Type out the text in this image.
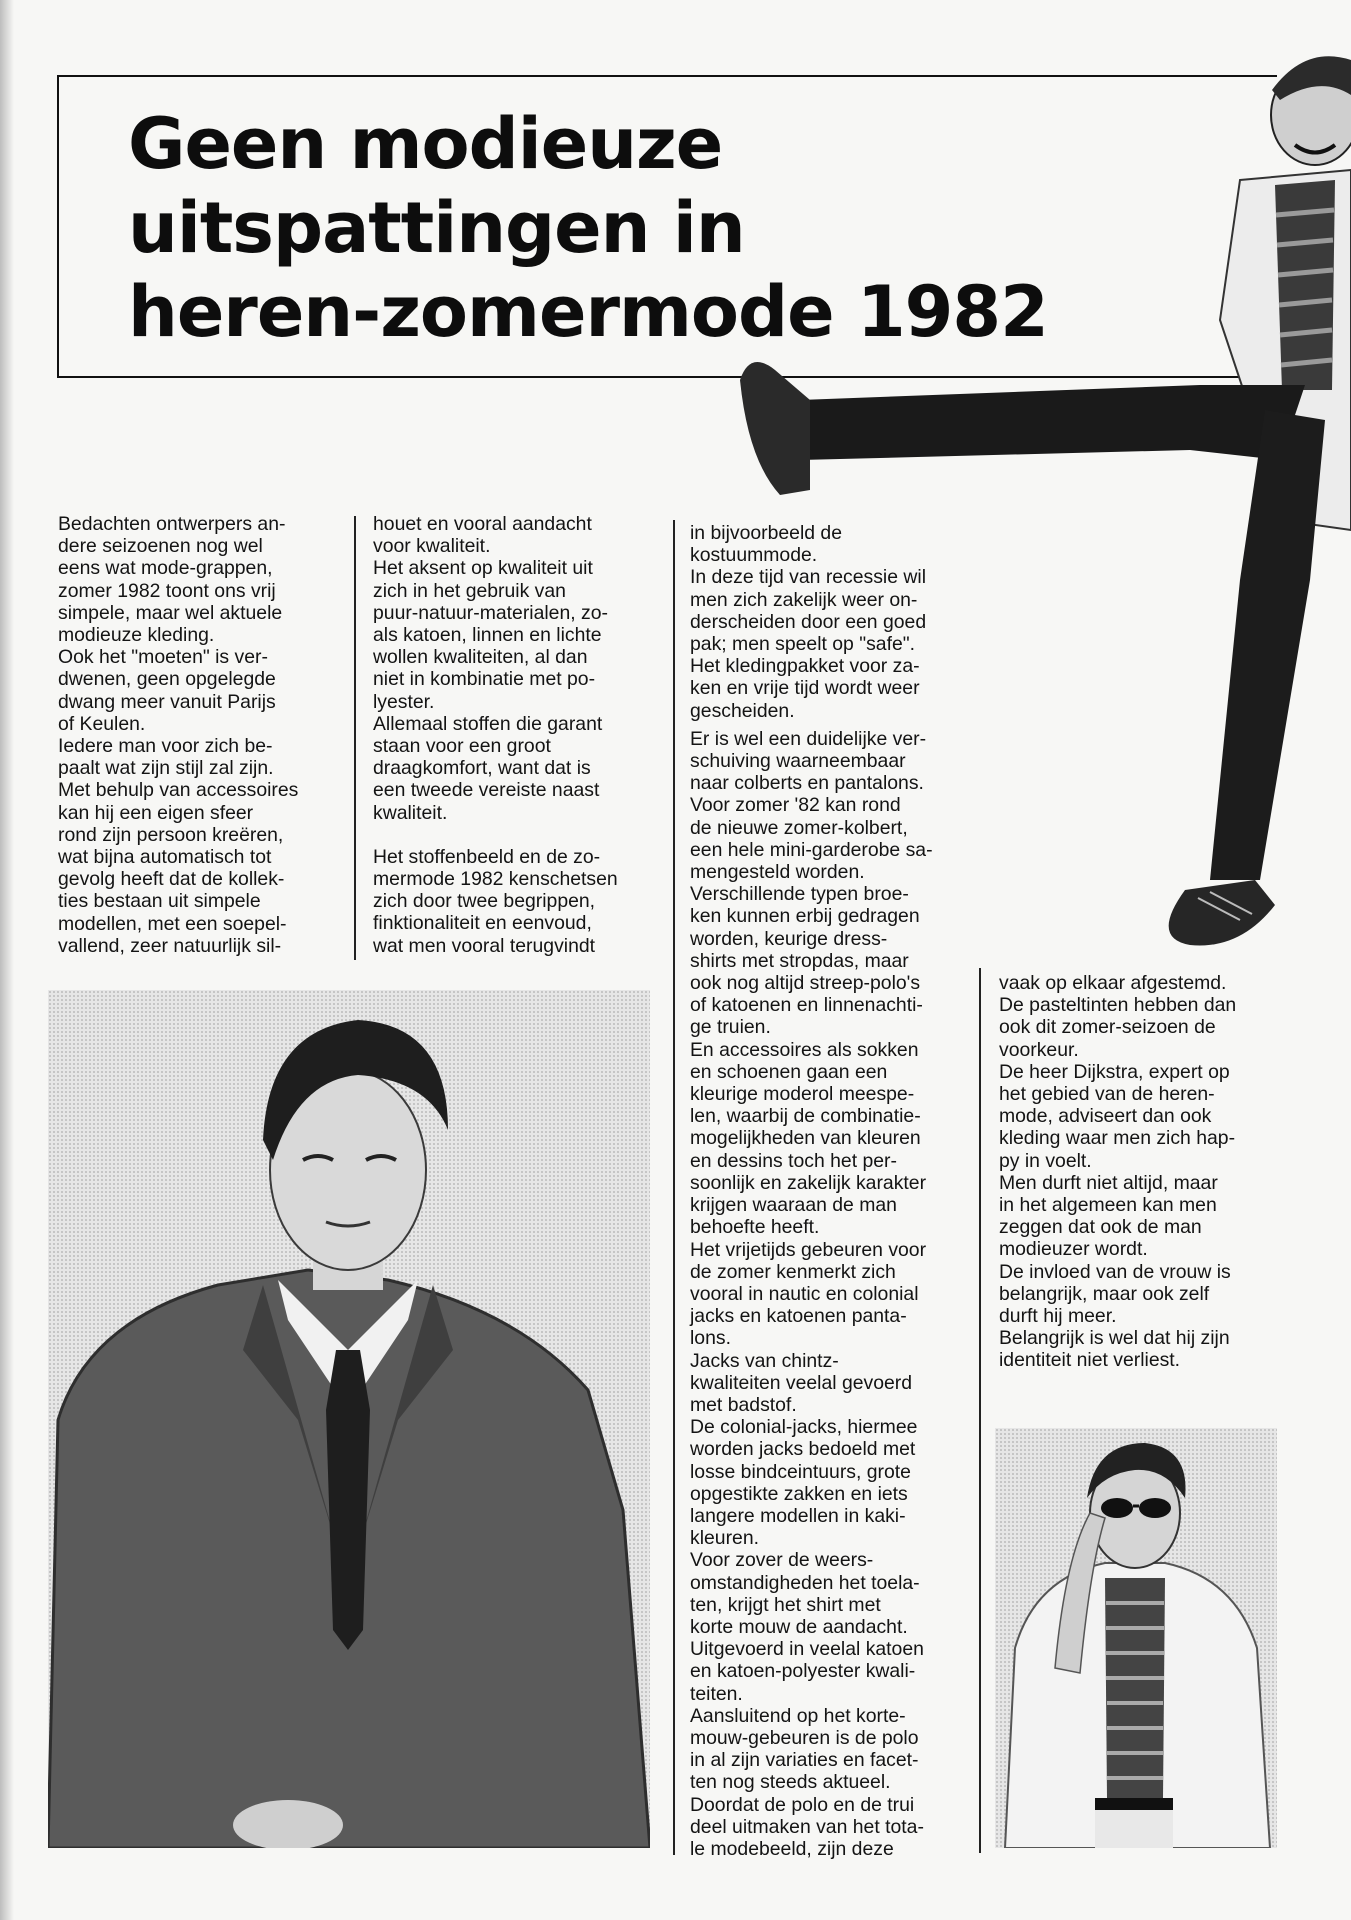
Geen modieuze
uitspattingen in
heren-zomermode 1982

Bedachten ontwerpers an-

dere seizoenen nog wel

eens wat mode-grappen,

zomer 1982 toont ons vrij

simpele, maar wel aktuele

modieuze kleding.

Ook het "moeten" is ver-

dwenen, geen opgelegde

dwang meer vanuit Parijs

of Keulen.

Iedere man voor zich be-

paalt wat zijn stijl zal zijn.

Met behulp van accessoires

kan hij een eigen sfeer

rond zijn persoon kreëren,

wat bijna automatisch tot

gevolg heeft dat de kollek-

ties bestaan uit simpele

modellen, met een soepel-

vallend, zeer natuurlijk sil-

houet en vooral aandacht

voor kwaliteit.

Het aksent op kwaliteit uit

zich in het gebruik van

puur-natuur-materialen, zo-

als katoen, linnen en lichte

wollen kwaliteiten, al dan

niet in kombinatie met po-

lyester.

Allemaal stoffen die garant

staan voor een groot

draagkomfort, want dat is

een tweede vereiste naast

kwaliteit.

Het stoffenbeeld en de zo-

mermode 1982 kenschetsen

zich door twee begrippen,

finktionaliteit en eenvoud,

wat men vooral terugvindt

in bijvoorbeeld de

kostuummode.

In deze tijd van recessie wil

men zich zakelijk weer on-

derscheiden door een goed

pak; men speelt op "safe".

Het kledingpakket voor za-

ken en vrije tijd wordt weer

gescheiden.

Er is wel een duidelijke ver-

schuiving waarneembaar

naar colberts en pantalons.

Voor zomer '82 kan rond

de nieuwe zomer-kolbert,

een hele mini-garderobe sa-

mengesteld worden.

Verschillende typen broe-

ken kunnen erbij gedragen

worden, keurige dress-

shirts met stropdas, maar

ook nog altijd streep-polo's

of katoenen en linnenachti-

ge truien.

En accessoires als sokken

en schoenen gaan een

kleurige moderol meespe-

len, waarbij de combinatie-

mogelijkheden van kleuren

en dessins toch het per-

soonlijk en zakelijk karakter

krijgen waaraan de man

behoefte heeft.

Het vrijetijds gebeuren voor

de zomer kenmerkt zich

vooral in nautic en colonial

jacks en katoenen panta-

lons.

Jacks van chintz-

kwaliteiten veelal gevoerd

met badstof.

De colonial-jacks, hiermee

worden jacks bedoeld met

losse bindceintuurs, grote

opgestikte zakken en iets

langere modellen in kaki-

kleuren.

Voor zover de weers-

omstandigheden het toela-

ten, krijgt het shirt met

korte mouw de aandacht.

Uitgevoerd in veelal katoen

en katoen-polyester kwali-

teiten.

Aansluitend op het korte-

mouw-gebeuren is de polo

in al zijn variaties en facet-

ten nog steeds aktueel.

Doordat de polo en de trui

deel uitmaken van het tota-

le modebeeld, zijn deze

vaak op elkaar afgestemd.

De pasteltinten hebben dan

ook dit zomer-seizoen de

voorkeur.

De heer Dijkstra, expert op

het gebied van de heren-

mode, adviseert dan ook

kleding waar men zich hap-

py in voelt.

Men durft niet altijd, maar

in het algemeen kan men

zeggen dat ook de man

modieuzer wordt.

De invloed van de vrouw is

belangrijk, maar ook zelf

durft hij meer.

Belangrijk is wel dat hij zijn

identiteit niet verliest.
